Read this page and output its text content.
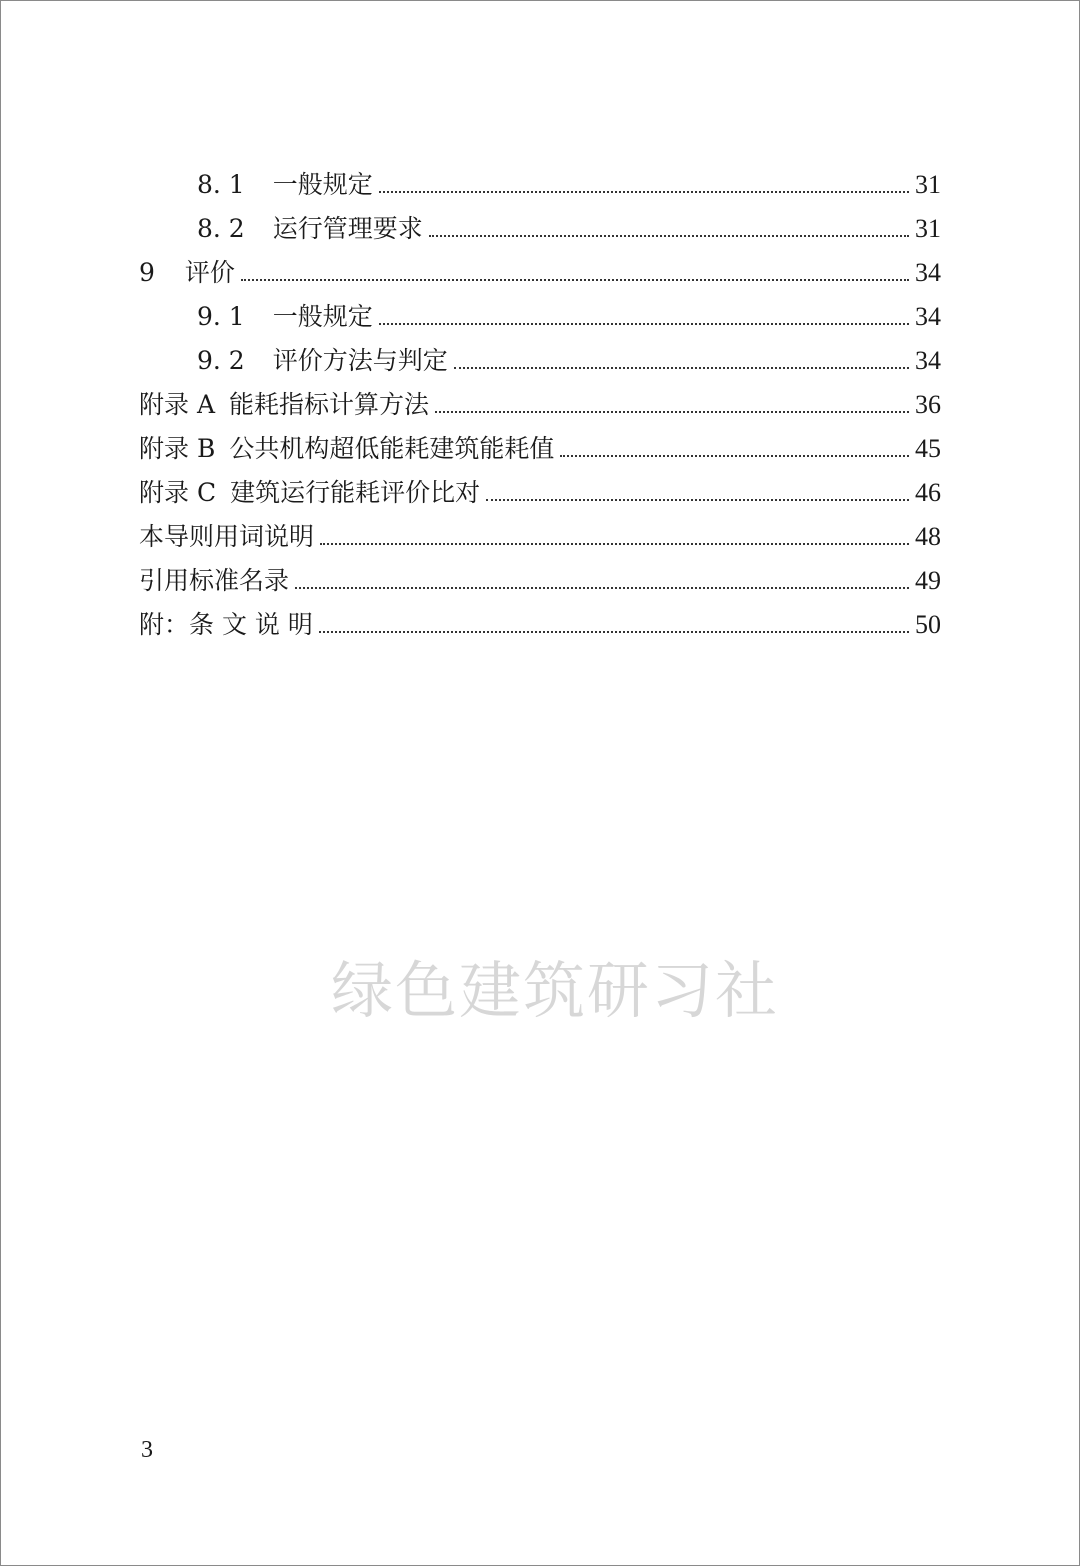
8. 1 一般规定	31
8. 2 运行管理要求	31
9 评价	34
9. 1 一般规定	34
9. 2 评价方法与判定	34
附录 A 能耗指标计算方法	36
附录 B 公共机构超低能耗建筑能耗值	45
附录 C 建筑运行能耗评价比对	46
本导则用词说明	48
引用标准名录	49
附： 条 文 说 明	50
绿色建筑研习社
3
